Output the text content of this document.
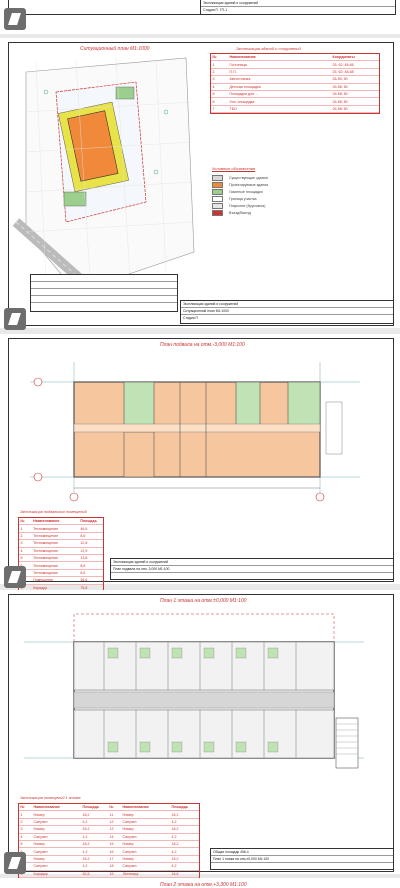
Экспликация зданий и сооружений
Стадия П
ГП-1
Ситуационный план М1:1000	Экспликация зданий и сооружений
№	Наименование	Координаты
1	Гостиница	25, 62; 48-66
2	П.П.	25, 62; 48-58
3	Автостоянка	26-50; 50
4	Детская площадка	26-58; 50
5	Площадка для ...	26-58; 50
6	Хоз. площадка	26-58; 50
7	ТБО	26-58; 50
Условные обозначения
Существующие здания
Проектируемые здания
Газонные площадки
Граница участка
Покрытие (брусчатка)
Въезд/Выезд
Экспликация зданий и сооружений
Ситуационный план М1:1000
Стадия П
План подвала на отм.-3,000 М1:100
Экспликация подвальных помещений
№	Наименование	Площадь
1	Техпомещение	46,6
2	Техпомещение	8,6
3	Техпомещение	12,8
4	Техпомещение	12,9
5	Техпомещение	13,8
Техпомещение	8,6
Техпомещение	8,6
Помещение	36,6
Коридор	75,8
Экспликация зданий и сооружений
План подвала на отм.-3,000 М1:100
План 1 этажа на отм.±0,000 М1:100
Экспликация помещений 1 этажа
№	Наименование	Площадь	№	Наименование	Площадь
1	Номер	18,2	11	Номер	18,2
2	Санузел	4,2	12	Санузел	4,2
3	Номер	18,2	13	Номер	18,2
4	Санузел	4,2	14	Санузел	4,2
5	Номер	18,2	15	Номер	18,2
Санузел	4,2	16	Санузел	4,2
Номер	18,2	17	Номер	18,2
Санузел	4,2	18	Санузел	4,2
Коридор	52,6	19	Лестница	16,6
Общая площадь
456,4
План 1 этажа на отм.±0,000 М1:100
План 2 этажа на отм.+3,300 М1:100
